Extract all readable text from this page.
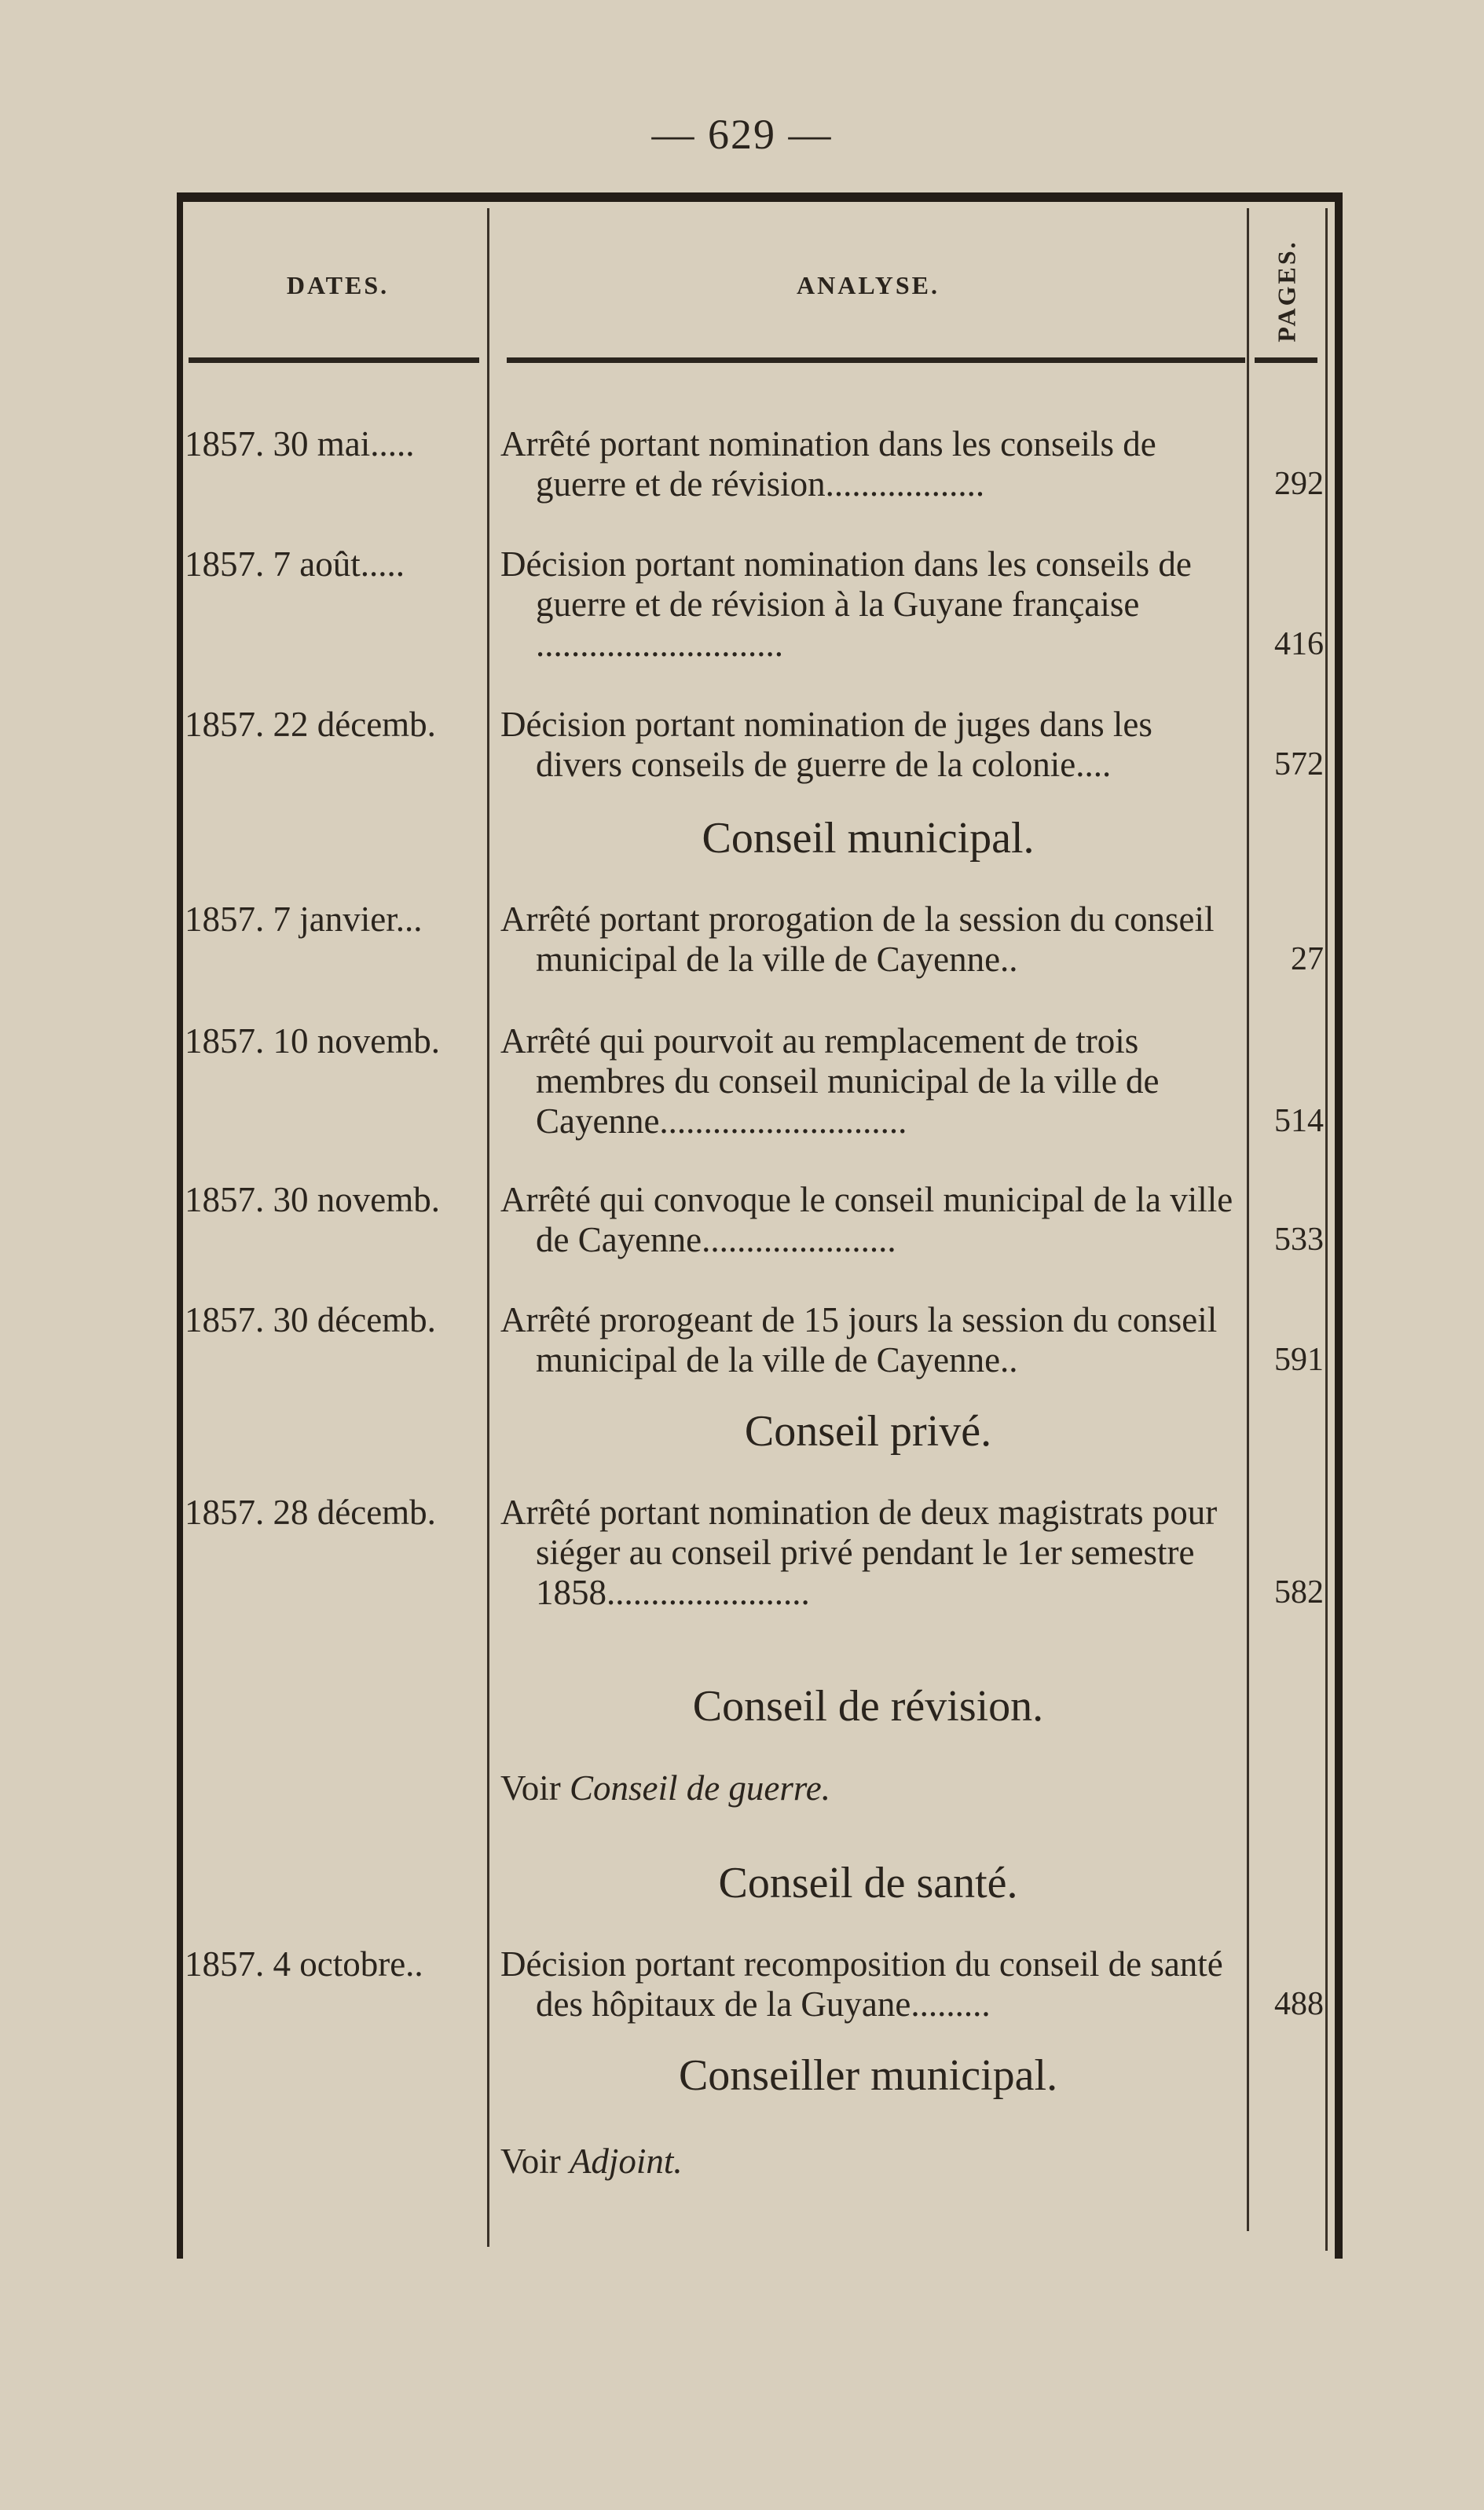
— 629 —
DATES.	ANALYSE.	PAGES.
1857. 30 mai.....	Arrêté portant nomination dans les conseils de guerre et de révision..................	292
1857. 7 août.....	Décision portant nomination dans les conseils de guerre et de révision à la Guyane française ............................	416
1857. 22 décemb.	Décision portant nomination de juges dans les divers conseils de guerre de la colonie....	572
Conseil municipal.
1857. 7 janvier...	Arrêté portant prorogation de la session du conseil municipal de la ville de Cayenne..	27
1857. 10 novemb.	Arrêté qui pourvoit au remplacement de trois membres du conseil municipal de la ville de Cayenne............................	514
1857. 30 novemb.	Arrêté qui convoque le conseil municipal de la ville de Cayenne......................	533
1857. 30 décemb.	Arrêté prorogeant de 15 jours la session du conseil municipal de la ville de Cayenne..	591
Conseil privé.
1857. 28 décemb.	Arrêté portant nomination de deux magistrats pour siéger au conseil privé pendant le 1er semestre 1858.......................	582
Conseil de révision.
Voir Conseil de guerre.
Conseil de santé.
1857. 4 octobre..	Décision portant recomposition du conseil de santé des hôpitaux de la Guyane.........	488
Conseiller municipal.
Voir Adjoint.
